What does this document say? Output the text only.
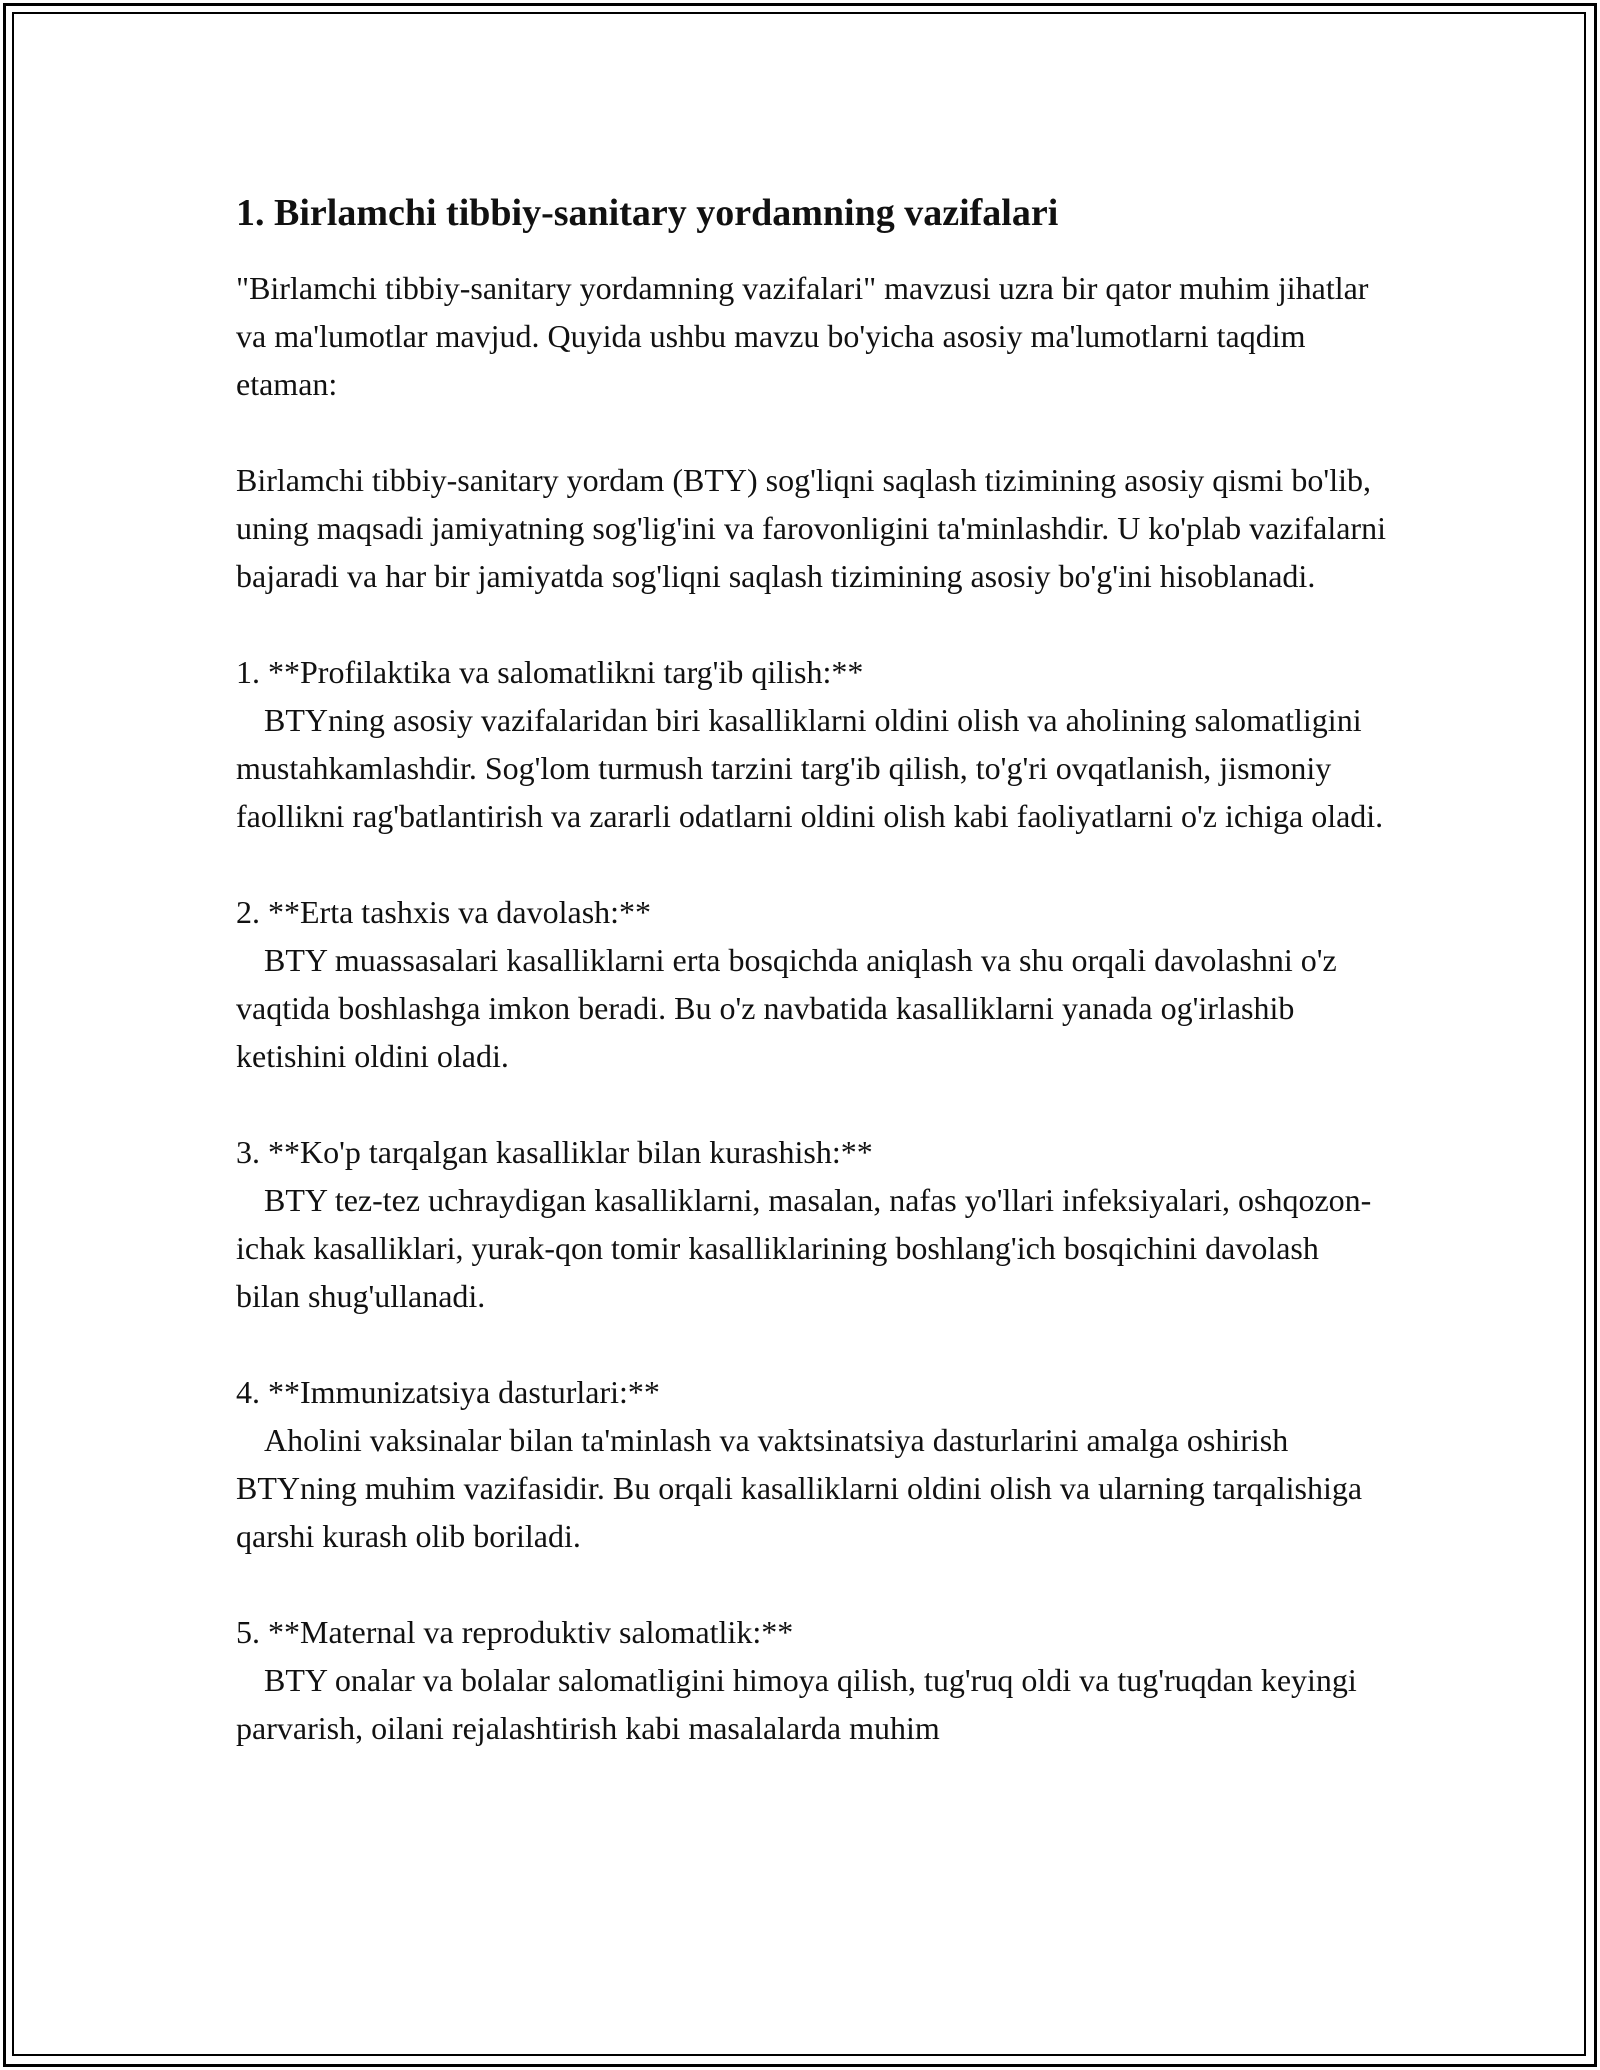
1. Birlamchi tibbiy-sanitary yordamning vazifalari

"Birlamchi tibbiy-sanitary yordamning vazifalari" mavzusi uzra bir qator muhim jihatlar va ma'lumotlar mavjud. Quyida ushbu mavzu bo'yicha asosiy ma'lumotlarni taqdim etaman:

Birlamchi tibbiy-sanitary yordam (BTY) sog'liqni saqlash tizimining asosiy qismi bo'lib, uning maqsadi jamiyatning sog'lig'ini va farovonligini ta'minlashdir. U ko'plab vazifalarni bajaradi va har bir jamiyatda sog'liqni saqlash tizimining asosiy bo'g'ini hisoblanadi.

1. **Profilaktika va salomatlikni targ'ib qilish:**

BTYning asosiy vazifalaridan biri kasalliklarni oldini olish va aholining salomatligini mustahkamlashdir. Sog'lom turmush tarzini targ'ib qilish, to'g'ri ovqatlanish, jismoniy faollikni rag'batlantirish va zararli odatlarni oldini olish kabi faoliyatlarni o'z ichiga oladi.

2. **Erta tashxis va davolash:**

BTY muassasalari kasalliklarni erta bosqichda aniqlash va shu orqali davolashni o'z vaqtida boshlashga imkon beradi. Bu o'z navbatida kasalliklarni yanada og'irlashib ketishini oldini oladi.

3. **Ko'p tarqalgan kasalliklar bilan kurashish:**

BTY tez-tez uchraydigan kasalliklarni, masalan, nafas yo'llari infeksiyalari, oshqozon-ichak kasalliklari, yurak-qon tomir kasalliklarining boshlang'ich bosqichini davolash bilan shug'ullanadi.

4. **Immunizatsiya dasturlari:**

Aholini vaksinalar bilan ta'minlash va vaktsinatsiya dasturlarini amalga oshirish BTYning muhim vazifasidir. Bu orqali kasalliklarni oldini olish va ularning tarqalishiga qarshi kurash olib boriladi.

5. **Maternal va reproduktiv salomatlik:**

BTY onalar va bolalar salomatligini himoya qilish, tug'ruq oldi va tug'ruqdan keyingi parvarish, oilani rejalashtirish kabi masalalarda muhim
